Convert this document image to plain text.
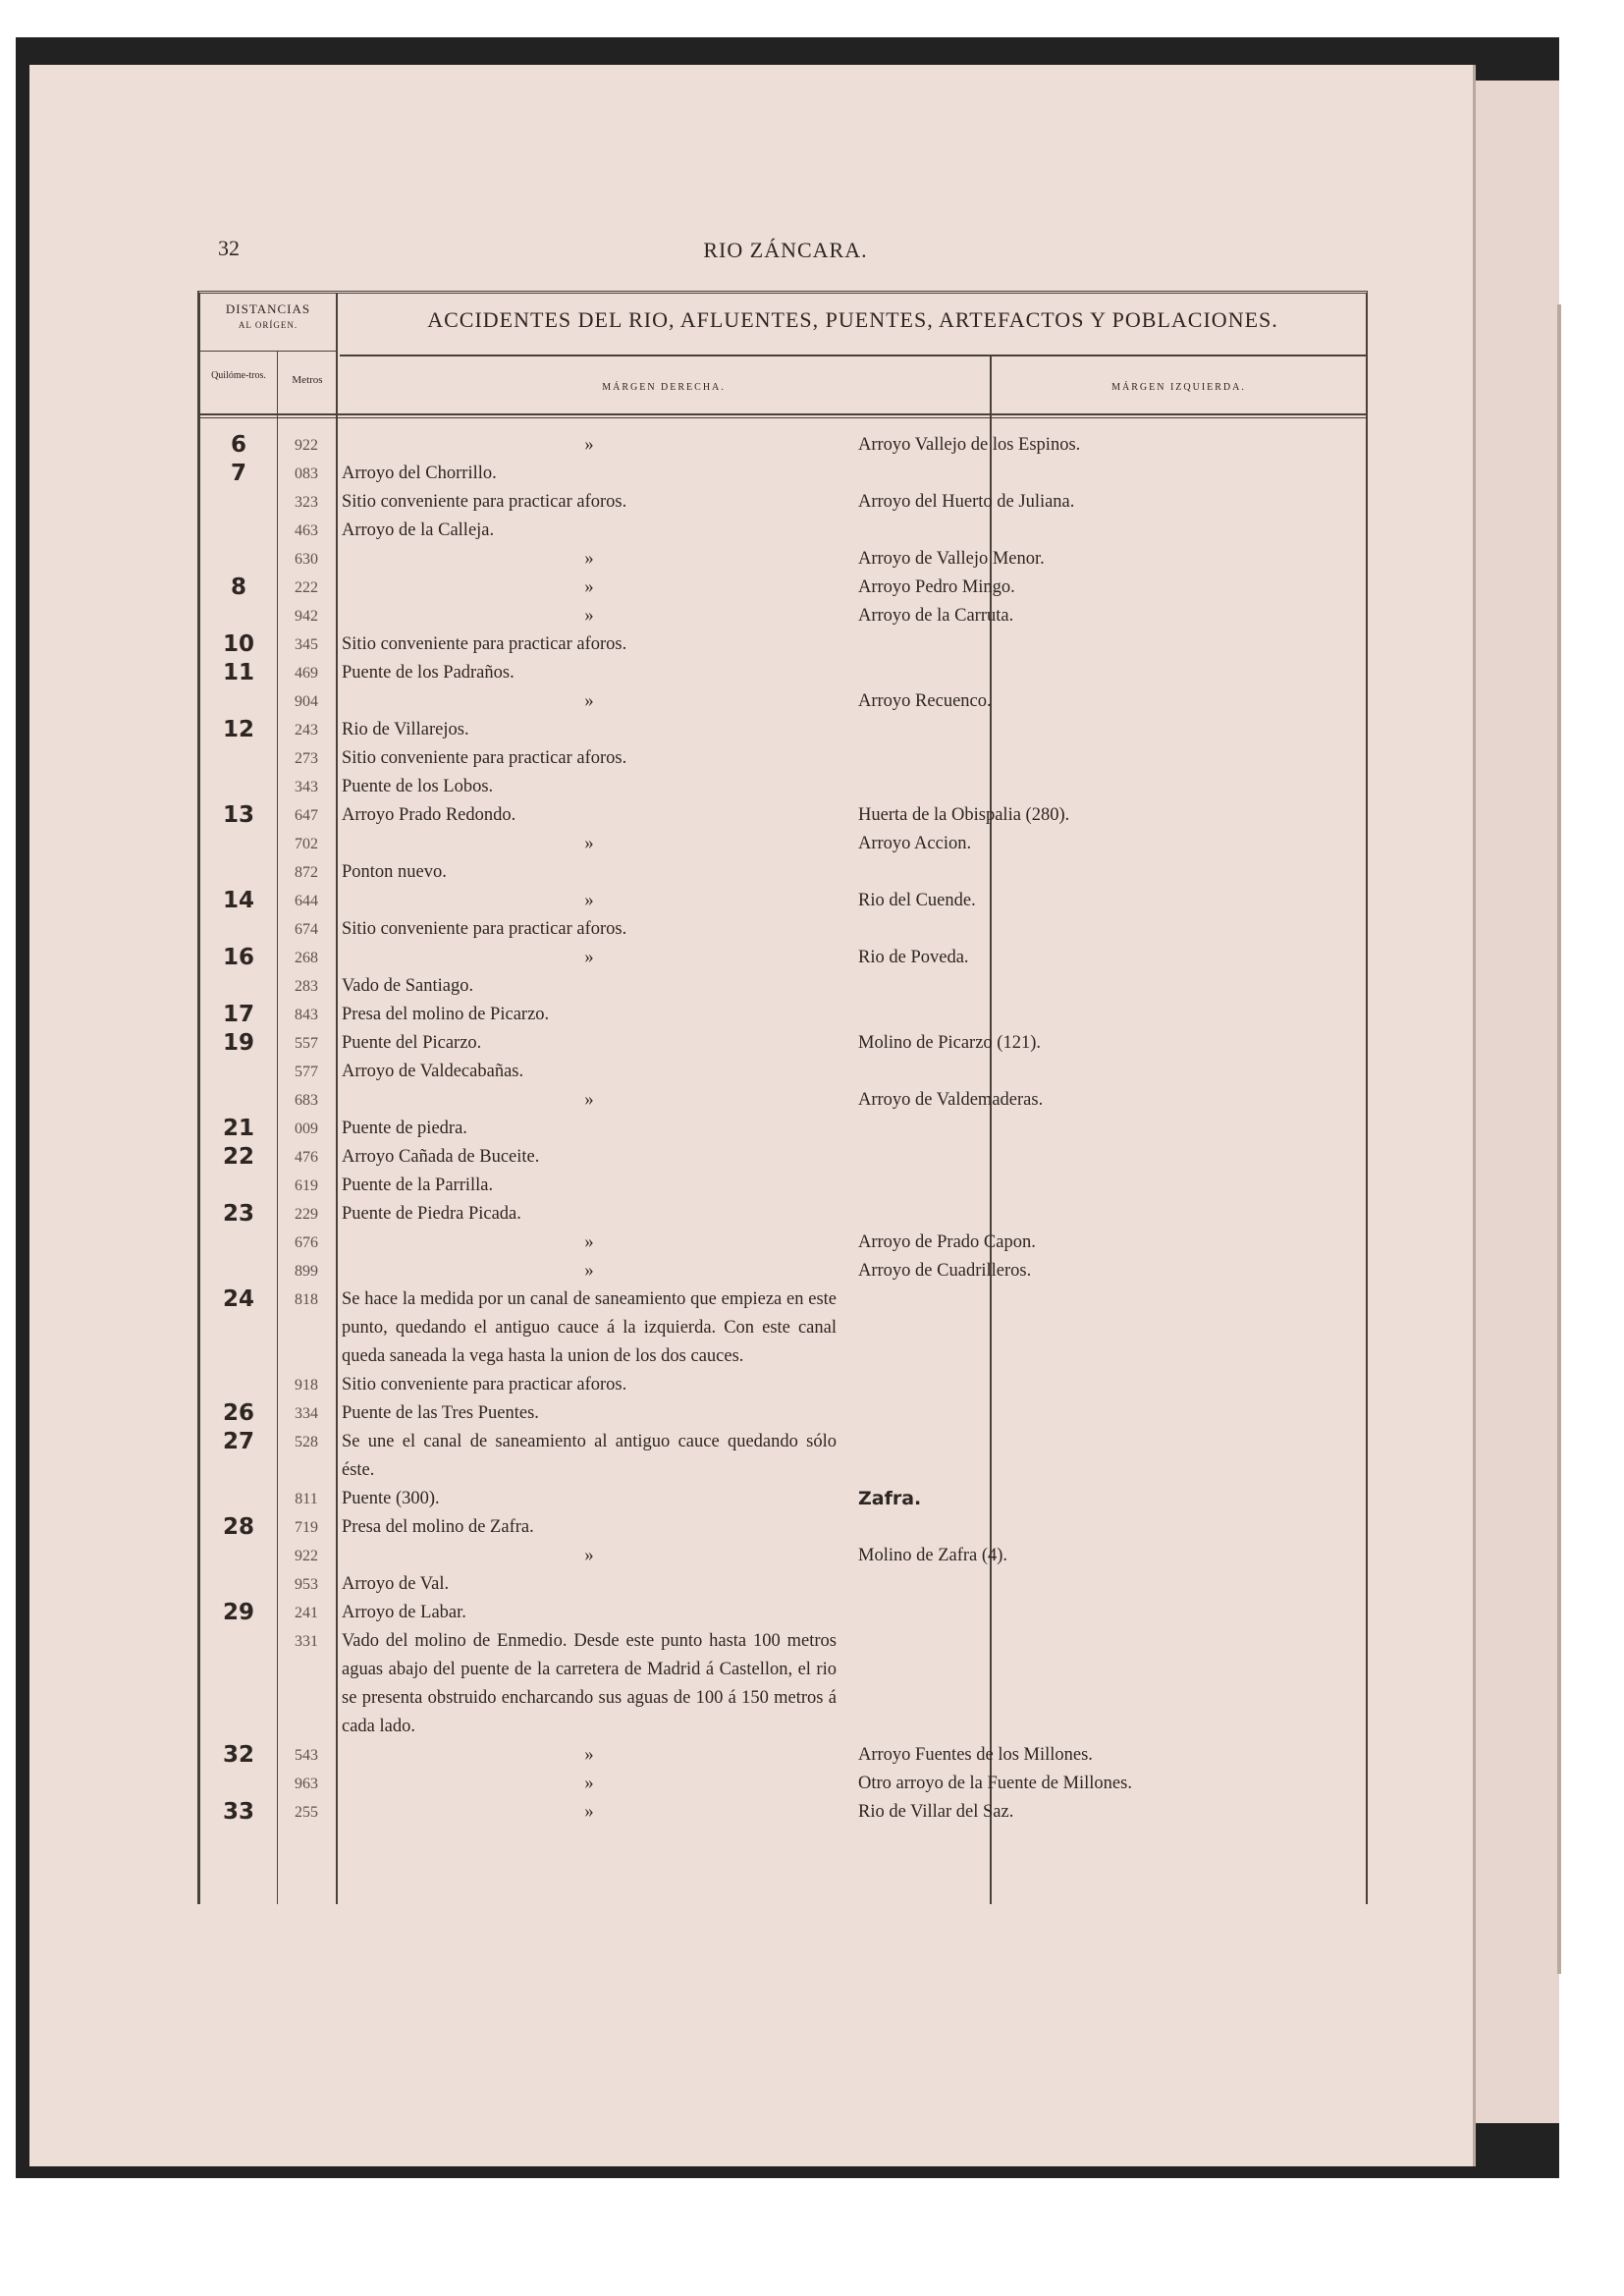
32	RIO ZÁNCARA.
DISTANCIAS
AL ORÍGEN.	ACCIDENTES DEL RIO, AFLUENTES, PUENTES, ARTEFACTOS Y POBLACIONES.
Quilóme-tros.	Metros
MÁRGEN DERECHA.	MÁRGEN IZQUIERDA.
6	922	»	Arroyo Vallejo de los Espinos.
7	083	Arroyo del Chorrillo.
323	Sitio conveniente para practicar aforos.	Arroyo del Huerto de Juliana.
463	Arroyo de la Calleja.
630	»	Arroyo de Vallejo Menor.
8	222	»	Arroyo Pedro Mingo.
942	»	Arroyo de la Carruta.
10	345	Sitio conveniente para practicar aforos.
11	469	Puente de los Padraños.
904	»	Arroyo Recuenco.
12	243	Rio de Villarejos.
273	Sitio conveniente para practicar aforos.
343	Puente de los Lobos.
13	647	Arroyo Prado Redondo.	Huerta de la Obispalia (280).
702	»	Arroyo Accion.
872	Ponton nuevo.
14	644	»	Rio del Cuende.
674	Sitio conveniente para practicar aforos.
16	268	»	Rio de Poveda.
283	Vado de Santiago.
17	843	Presa del molino de Picarzo.
19	557	Puente del Picarzo.	Molino de Picarzo (121).
577	Arroyo de Valdecabañas.
683	»	Arroyo de Valdemaderas.
21	009	Puente de piedra.
22	476	Arroyo Cañada de Buceite.
619	Puente de la Parrilla.
23	229	Puente de Piedra Picada.
676	»	Arroyo de Prado Capon.
899	»	Arroyo de Cuadrilleros.
24	818	Se hace la medida por un canal de saneamiento que empieza en este punto, quedando el antiguo cauce á la izquierda. Con este canal queda saneada la vega hasta la union de los dos cauces.
918	Sitio conveniente para practicar aforos.
26	334	Puente de las Tres Puentes.
27	528	Se une el canal de saneamiento al antiguo cauce quedando sólo éste.
811	Puente (300).	Zafra.
28	719	Presa del molino de Zafra.
922	»	Molino de Zafra (4).
953	Arroyo de Val.
29	241	Arroyo de Labar.
331	Vado del molino de Enmedio. Desde este punto hasta 100 metros aguas abajo del puente de la carretera de Madrid á Castellon, el rio se presenta obstruido encharcando sus aguas de 100 á 150 metros á cada lado.
32	543	»	Arroyo Fuentes de los Millones.
963	»	Otro arroyo de la Fuente de Millones.
33	255	»	Rio de Villar del Saz.
